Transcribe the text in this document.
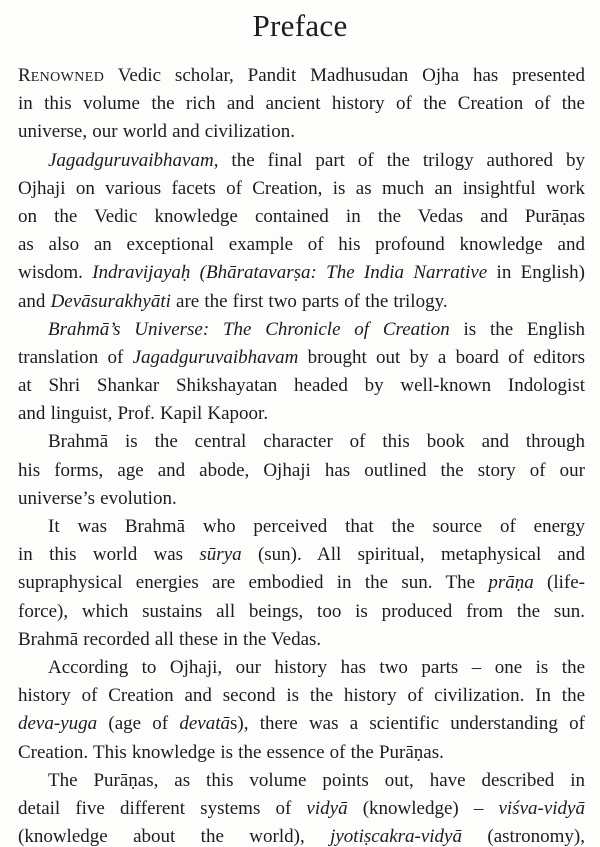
Preface
RENOWNED Vedic scholar, Pandit Madhusudan Ojha has presented
in this volume the rich and ancient history of the Creation of the
universe, our world and civilization.
Jagadguruvaibhavam, the final part of the trilogy authored by
Ojhaji on various facets of Creation, is as much an insightful work
on the Vedic knowledge contained in the Vedas and Purāṇas
as also an exceptional example of his profound knowledge and
wisdom. Indravijayaḥ (Bhāratavarṣa: The India Narrative in English)
and Devāsurakhyāti are the first two parts of the trilogy.
Brahmā’s Universe: The Chronicle of Creation is the English
translation of Jagadguruvaibhavam brought out by a board of editors
at Shri Shankar Shikshayatan headed by well-known Indologist
and linguist, Prof. Kapil Kapoor.
Brahmā is the central character of this book and through
his forms, age and abode, Ojhaji has outlined the story of our
universe’s evolution.
It was Brahmā who perceived that the source of energy
in this world was sūrya (sun). All spiritual, metaphysical and
supraphysical energies are embodied in the sun. The prāṇa (life-
force), which sustains all beings, too is produced from the sun.
Brahmā recorded all these in the Vedas.
According to Ojhaji, our history has two parts – one is the
history of Creation and second is the history of civilization. In the
deva-yuga (age of devatās), there was a scientific understanding of
Creation. This knowledge is the essence of the Purāṇas.
The Purāṇas, as this volume points out, have described in
detail five different systems of vidyā (knowledge) – viśva-vidyā
(knowledge about the world), jyotiṣcakra-vidyā (astronomy),
